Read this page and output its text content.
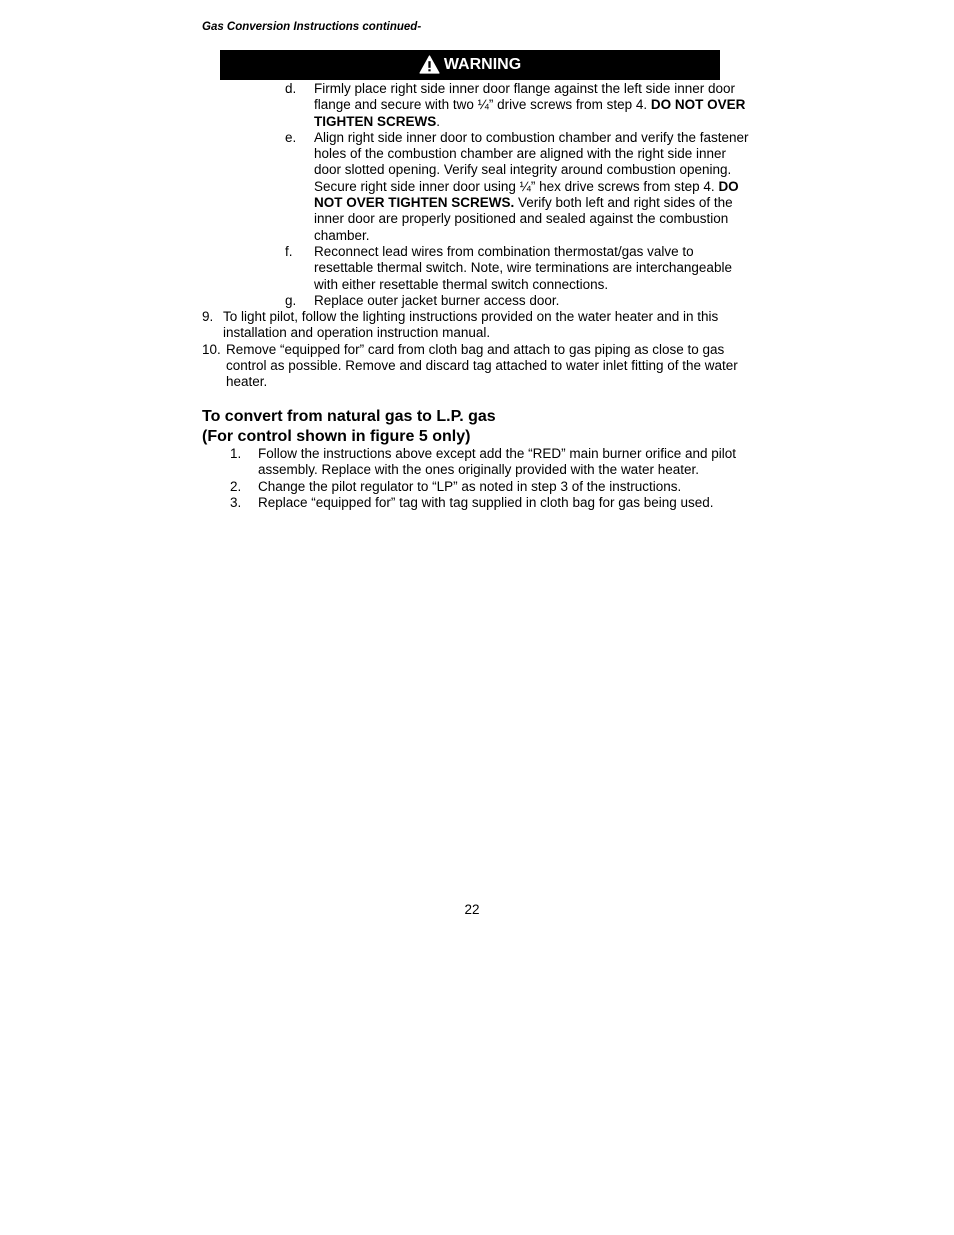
Gas Conversion Instructions continued-
WARNING
d.	Firmly place right side inner door flange against the left side inner door flange and secure with two ¼” drive screws from step 4. DO NOT OVER TIGHTEN SCREWS.
e.	Align right side inner door to combustion chamber and verify the fastener holes of the combustion chamber are aligned with the right side inner door slotted opening. Verify seal integrity around combustion opening. Secure right side inner door using ¼” hex drive screws from step 4. DO NOT OVER TIGHTEN SCREWS. Verify both left and right sides of the inner door are properly positioned and sealed against the combustion chamber.
f.	Reconnect lead wires from combination thermostat/gas valve to resettable thermal switch. Note, wire terminations are interchangeable with either resettable thermal switch connections.
g.	Replace outer jacket burner access door.
9. To light pilot, follow the lighting instructions provided on the water heater and in this installation and operation instruction manual.
10. Remove “equipped for” card from cloth bag and attach to gas piping as close to gas control as possible. Remove and discard tag attached to water inlet fitting of the water heater.
To convert from natural gas to L.P. gas
(For control shown in figure 5 only)
1.	Follow the instructions above except add the “RED” main burner orifice and pilot assembly. Replace with the ones originally provided with the water heater.
2.	Change the pilot regulator to “LP” as noted in step 3 of the instructions.
3.	Replace “equipped for” tag with tag supplied in cloth bag for gas being used.
22
